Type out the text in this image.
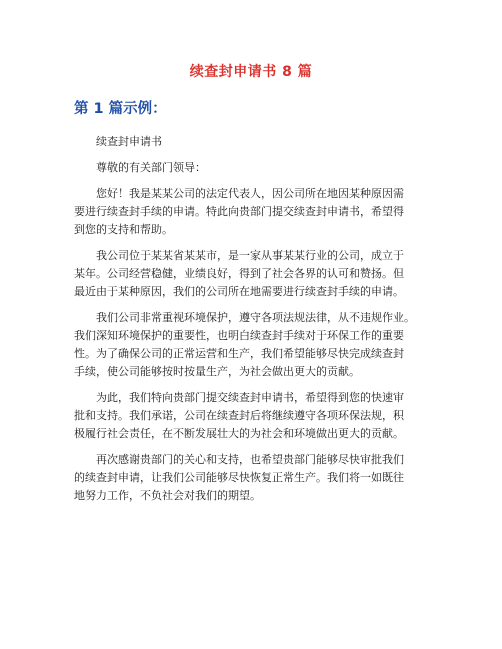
续查封申请书 8 篇
第 1 篇示例：
续查封申请书
尊敬的有关部门领导：
您好！我是某某公司的法定代表人，因公司所在地因某种原因需
要进行续查封手续的申请。特此向贵部门提交续查封申请书，希望得
到您的支持和帮助。
我公司位于某某省某某市，是一家从事某某行业的公司，成立于
某年。公司经营稳健，业绩良好，得到了社会各界的认可和赞扬。但
最近由于某种原因，我们的公司所在地需要进行续查封手续的申请。
我们公司非常重视环境保护，遵守各项法规法律，从不违规作业。
我们深知环境保护的重要性，也明白续查封手续对于环保工作的重要
性。为了确保公司的正常运营和生产，我们希望能够尽快完成续查封
手续，使公司能够按时按量生产，为社会做出更大的贡献。
为此，我们特向贵部门提交续查封申请书，希望得到您的快速审
批和支持。我们承诺，公司在续查封后将继续遵守各项环保法规，积
极履行社会责任，在不断发展壮大的为社会和环境做出更大的贡献。
再次感谢贵部门的关心和支持，也希望贵部门能够尽快审批我们
的续查封申请，让我们公司能够尽快恢复正常生产。我们将一如既往
地努力工作，不负社会对我们的期望。
